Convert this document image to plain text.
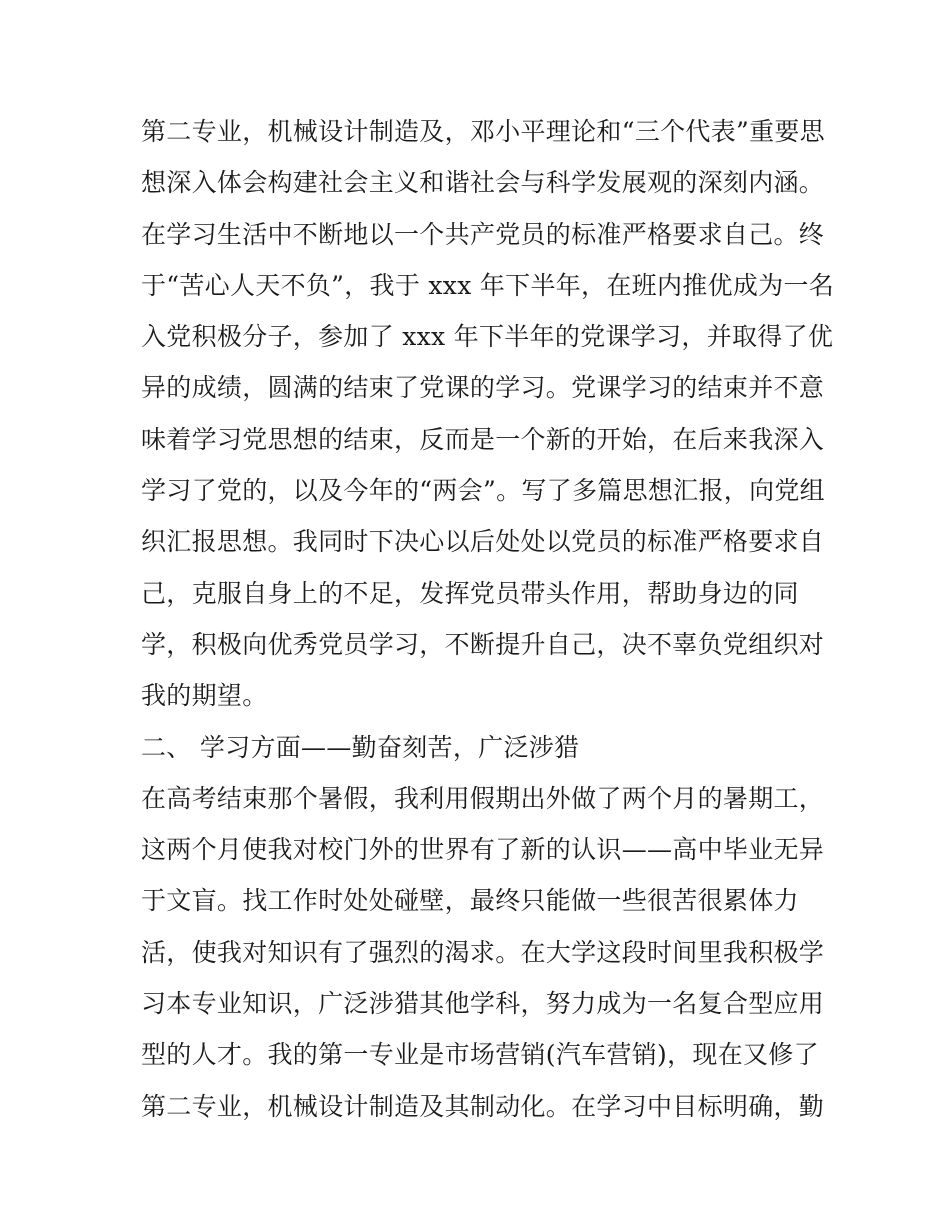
第二专业，机械设计制造及，邓小平理论和“三个代表”重要思
想深入体会构建社会主义和谐社会与科学发展观的深刻内涵。
在学习生活中不断地以一个共产党员的标准严格要求自己。终
于“苦心人天不负”，我于 xxx 年下半年，在班内推优成为一名
入党积极分子，参加了 xxx 年下半年的党课学习，并取得了优
异的成绩，圆满的结束了党课的学习。党课学习的结束并不意
味着学习党思想的结束，反而是一个新的开始，在后来我深入
学习了党的，以及今年的“两会”。写了多篇思想汇报，向党组
织汇报思想。我同时下决心以后处处以党员的标准严格要求自
己，克服自身上的不足，发挥党员带头作用，帮助身边的同
学，积极向优秀党员学习，不断提升自己，决不辜负党组织对
我的期望。
二、 学习方面——勤奋刻苦，广泛涉猎
在高考结束那个暑假，我利用假期出外做了两个月的暑期工，
这两个月使我对校门外的世界有了新的认识——高中毕业无异
于文盲。找工作时处处碰壁，最终只能做一些很苦很累体力
活，使我对知识有了强烈的渴求。在大学这段时间里我积极学
习本专业知识，广泛涉猎其他学科，努力成为一名复合型应用
型的人才。我的第一专业是市场营销(汽车营销)，现在又修了
第二专业，机械设计制造及其制动化。在学习中目标明确，勤
